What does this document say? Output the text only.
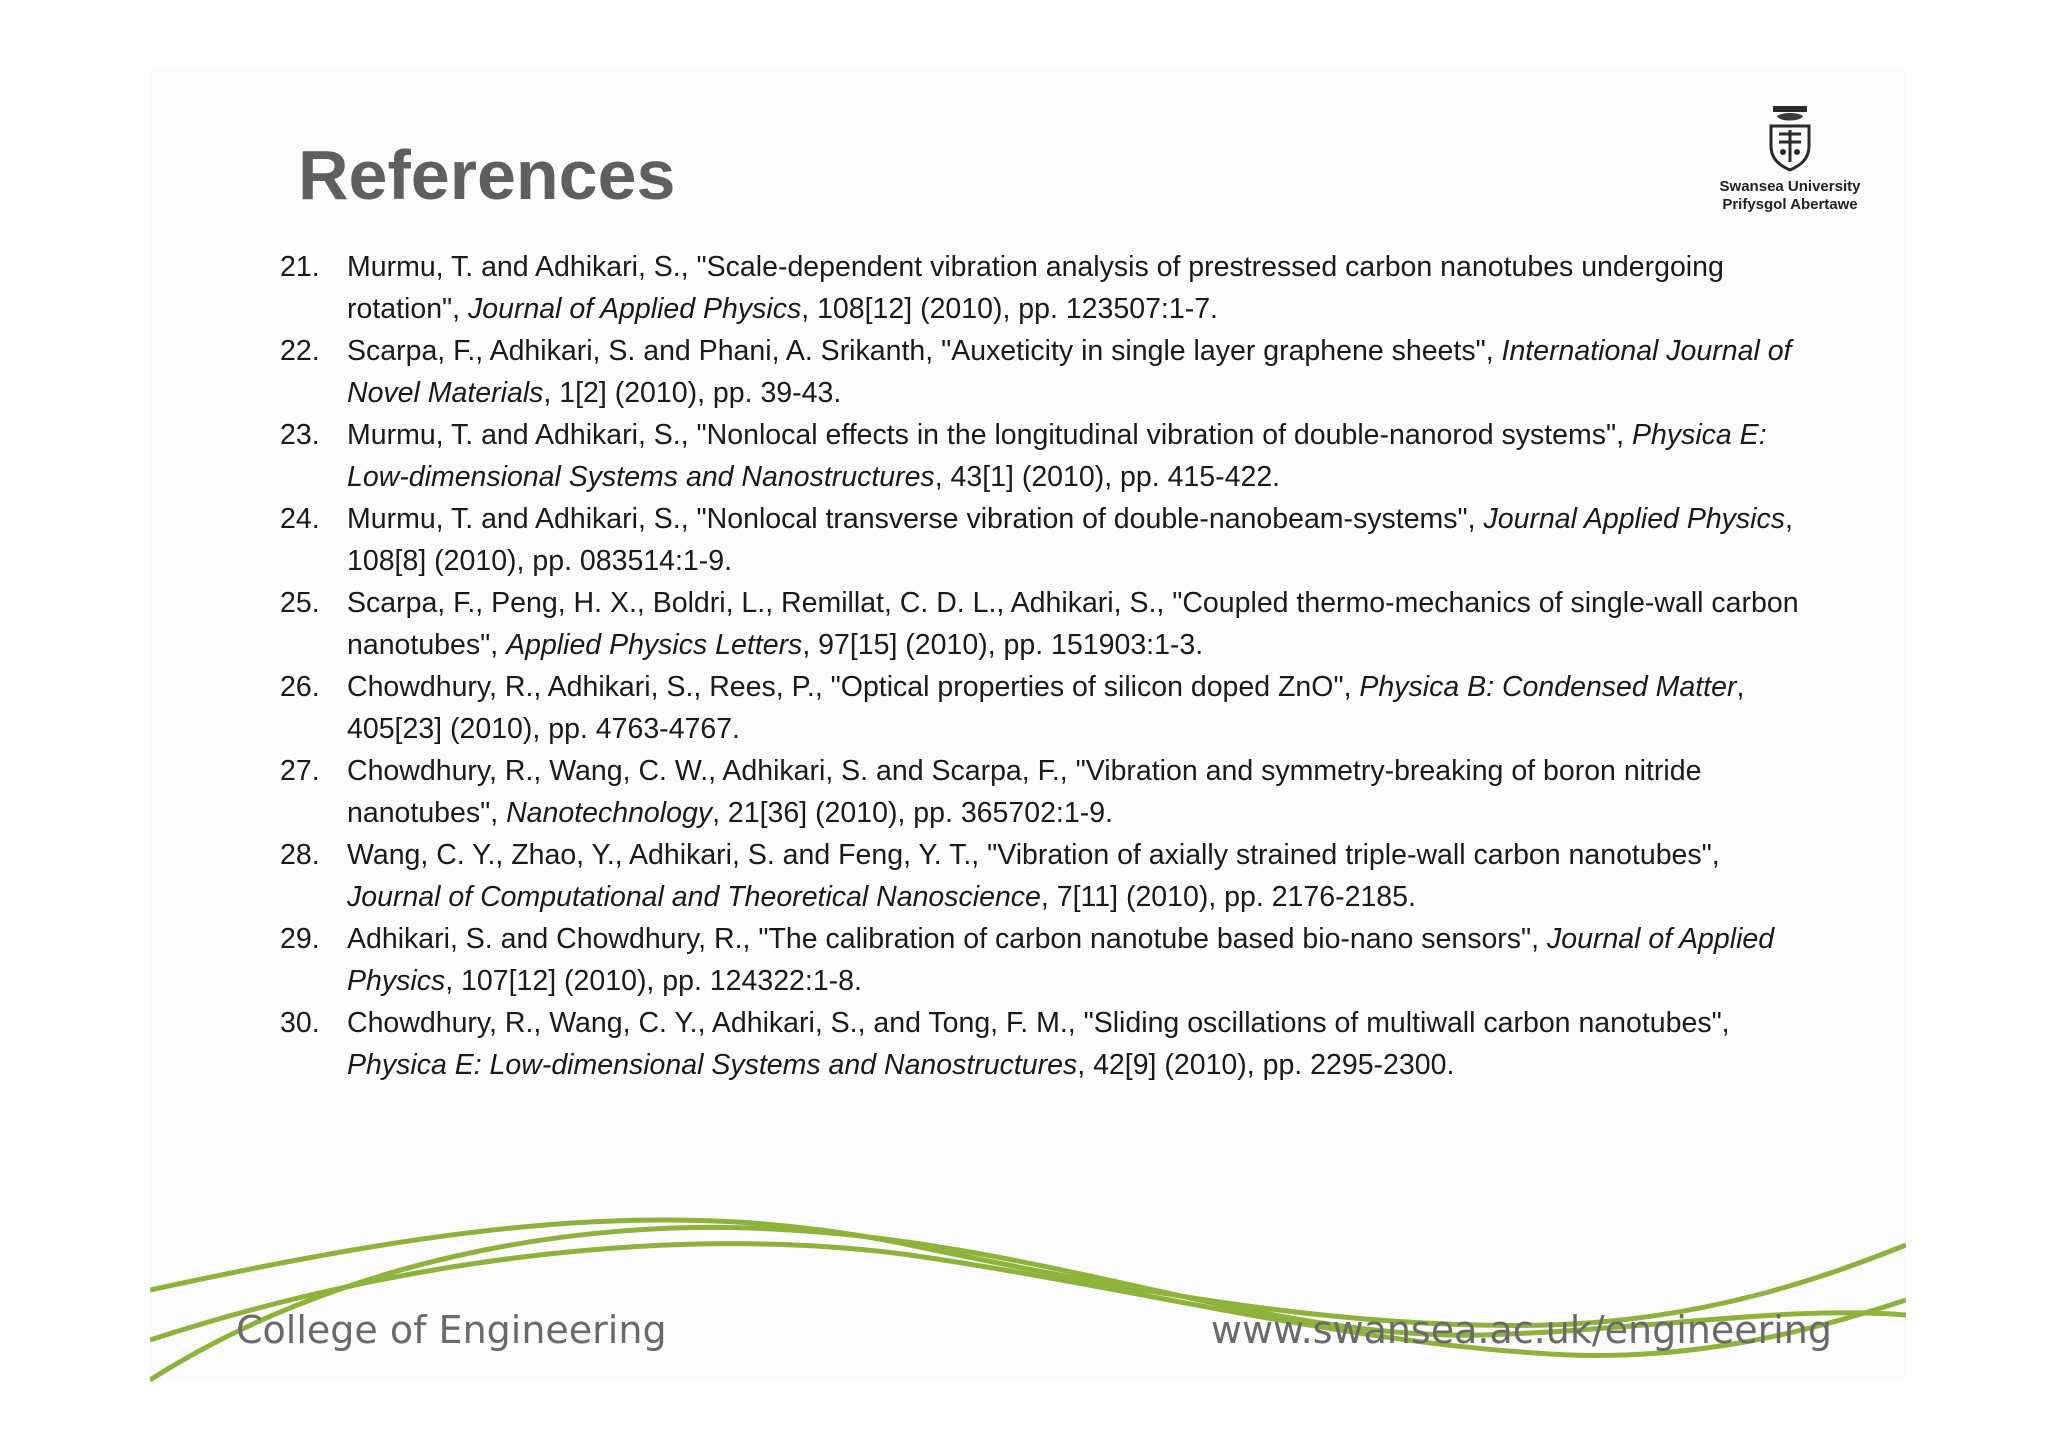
References	Swansea University
Prifysgol Abertawe
21. Murmu, T. and Adhikari, S., "Scale-dependent vibration analysis of prestressed carbon nanotubes undergoing rotation", Journal of Applied Physics, 108[12] (2010), pp. 123507:1-7.
22. Scarpa, F., Adhikari, S. and Phani, A. Srikanth, "Auxeticity in single layer graphene sheets", International Journal of Novel Materials, 1[2] (2010), pp. 39-43.
23. Murmu, T. and Adhikari, S., "Nonlocal effects in the longitudinal vibration of double-nanorod systems", Physica E: Low-dimensional Systems and Nanostructures, 43[1] (2010), pp. 415-422.
24. Murmu, T. and Adhikari, S., "Nonlocal transverse vibration of double-nanobeam-systems", Journal Applied Physics, 108[8] (2010), pp. 083514:1-9.
25. Scarpa, F., Peng, H. X., Boldri, L., Remillat, C. D. L., Adhikari, S., "Coupled thermo-mechanics of single-wall carbon nanotubes", Applied Physics Letters, 97[15] (2010), pp. 151903:1-3.
26. Chowdhury, R., Adhikari, S., Rees, P., "Optical properties of silicon doped ZnO", Physica B: Condensed Matter, 405[23] (2010), pp. 4763-4767.
27. Chowdhury, R., Wang, C. W., Adhikari, S. and Scarpa, F., "Vibration and symmetry-breaking of boron nitride nanotubes", Nanotechnology, 21[36] (2010), pp. 365702:1-9.
28. Wang, C. Y., Zhao, Y., Adhikari, S. and Feng, Y. T., "Vibration of axially strained triple-wall carbon nanotubes", Journal of Computational and Theoretical Nanoscience, 7[11] (2010), pp. 2176-2185.
29. Adhikari, S. and Chowdhury, R., "The calibration of carbon nanotube based bio-nano sensors", Journal of Applied Physics, 107[12] (2010), pp. 124322:1-8.
30. Chowdhury, R., Wang, C. Y., Adhikari, S., and Tong, F. M., "Sliding oscillations of multiwall carbon nanotubes", Physica E: Low-dimensional Systems and Nanostructures, 42[9] (2010), pp. 2295-2300.
College of Engineering	www.swansea.ac.uk/engineering
